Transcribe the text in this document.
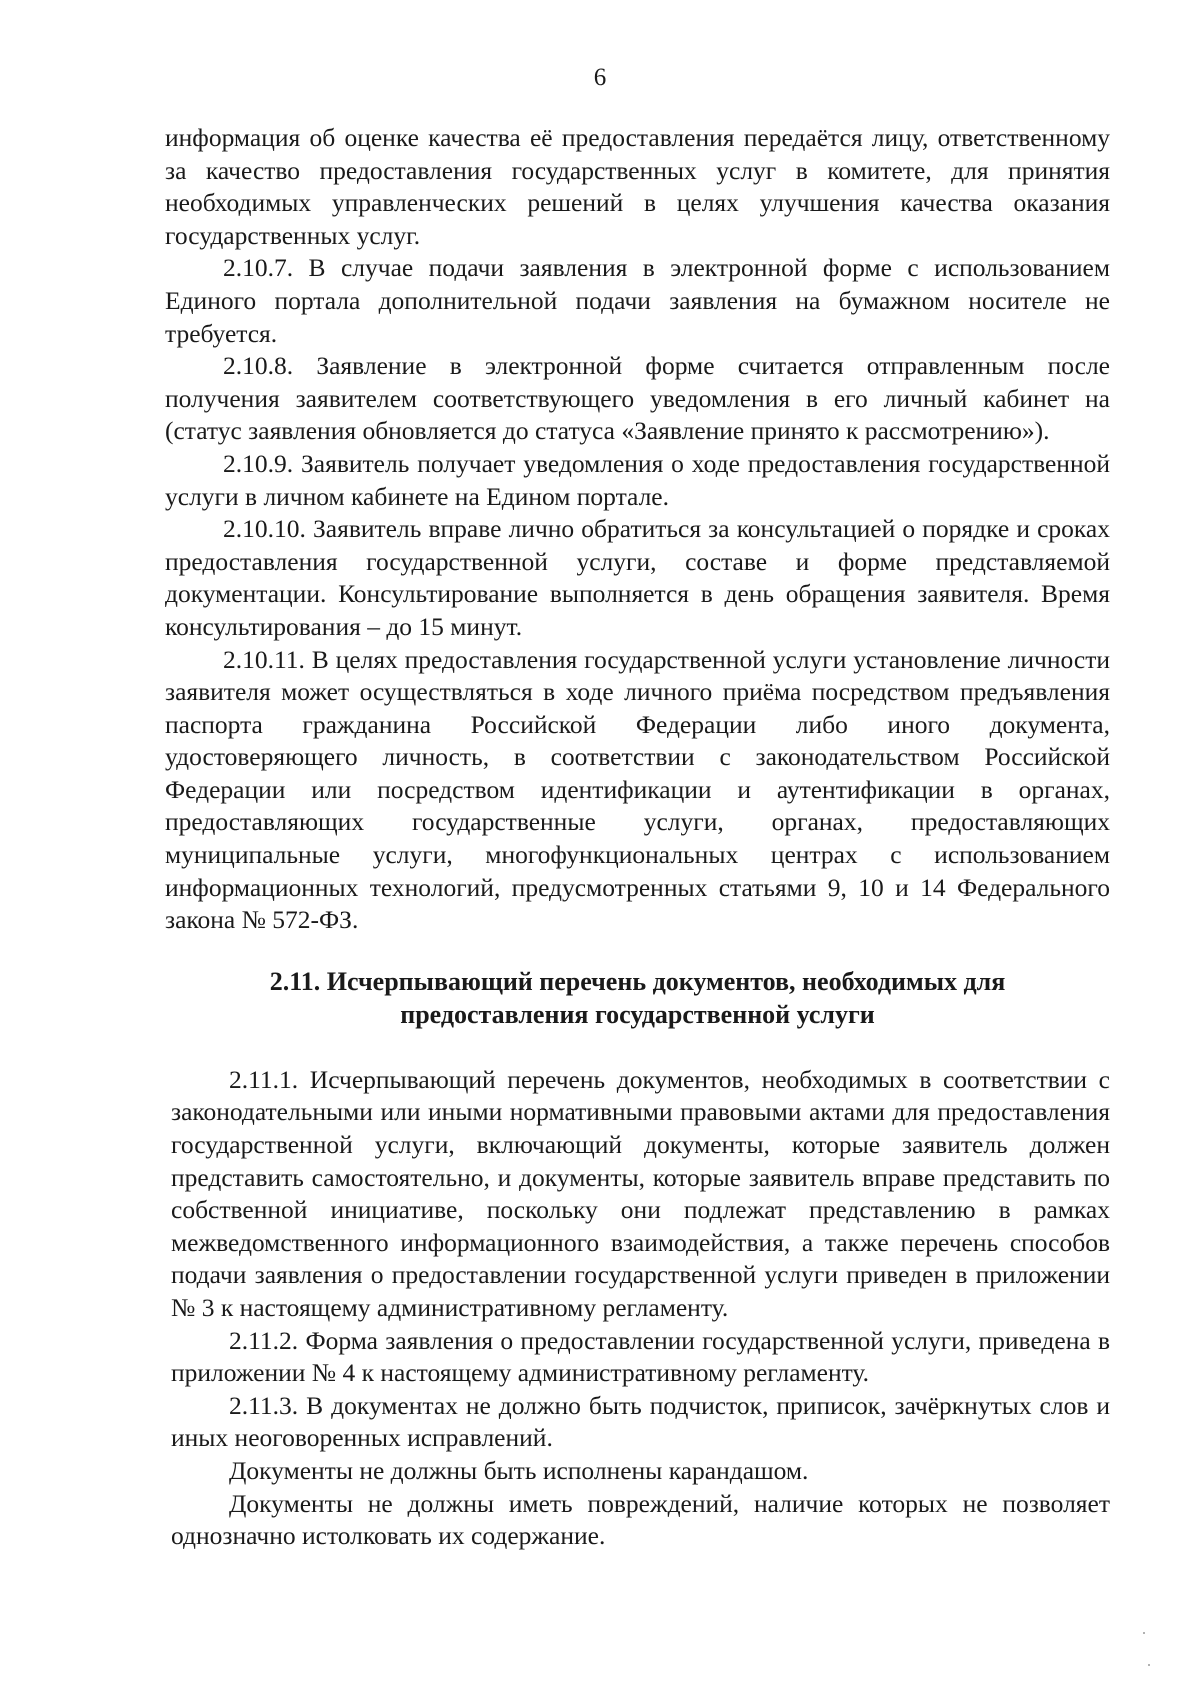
6

информация об оценке качества её предоставления передаётся лицу, ответственному за качество предоставления государственных услуг в комитете, для принятия необходимых управленческих решений в целях улучшения качества оказания государственных услуг.

2.10.7. В случае подачи заявления в электронной форме с использованием Единого портала дополнительной подачи заявления на бумажном носителе не требуется.

2.10.8. Заявление в электронной форме считается отправленным после получения заявителем соответствующего уведомления в его личный кабинет на (статус заявления обновляется до статуса «Заявление принято к рассмотрению»).

2.10.9. Заявитель получает уведомления о ходе предоставления государственной услуги в личном кабинете на Едином портале.

2.10.10. Заявитель вправе лично обратиться за консультацией о порядке и сроках предоставления государственной услуги, составе и форме представляемой документации. Консультирование выполняется в день обращения заявителя. Время консультирования – до 15 минут.

2.10.11. В целях предоставления государственной услуги установление личности заявителя может осуществляться в ходе личного приёма посредством предъявления паспорта гражданина Российской Федерации либо иного документа, удостоверяющего личность, в соответствии с законодательством Российской Федерации или посредством идентификации и аутентификации в органах, предоставляющих государственные услуги, органах, предоставляющих муниципальные услуги, многофункциональных центрах с использованием информационных технологий, предусмотренных статьями 9, 10 и 14 Федерального закона № 572-ФЗ.

2.11. Исчерпывающий перечень документов, необходимых для предоставления государственной услуги

2.11.1. Исчерпывающий перечень документов, необходимых в соответствии с законодательными или иными нормативными правовыми актами для предоставления государственной услуги, включающий документы, которые заявитель должен представить самостоятельно, и документы, которые заявитель вправе представить по собственной инициативе, поскольку они подлежат представлению в рамках межведомственного информационного взаимодействия, а также перечень способов подачи заявления о предоставлении государственной услуги приведен в приложении № 3 к настоящему административному регламенту.

2.11.2. Форма заявления о предоставлении государственной услуги, приведена в приложении № 4 к настоящему административному регламенту.

2.11.3. В документах не должно быть подчисток, приписок, зачёркнутых слов и иных неоговоренных исправлений.

Документы не должны быть исполнены карандашом.

Документы не должны иметь повреждений, наличие которых не позволяет однозначно истолковать их содержание.
